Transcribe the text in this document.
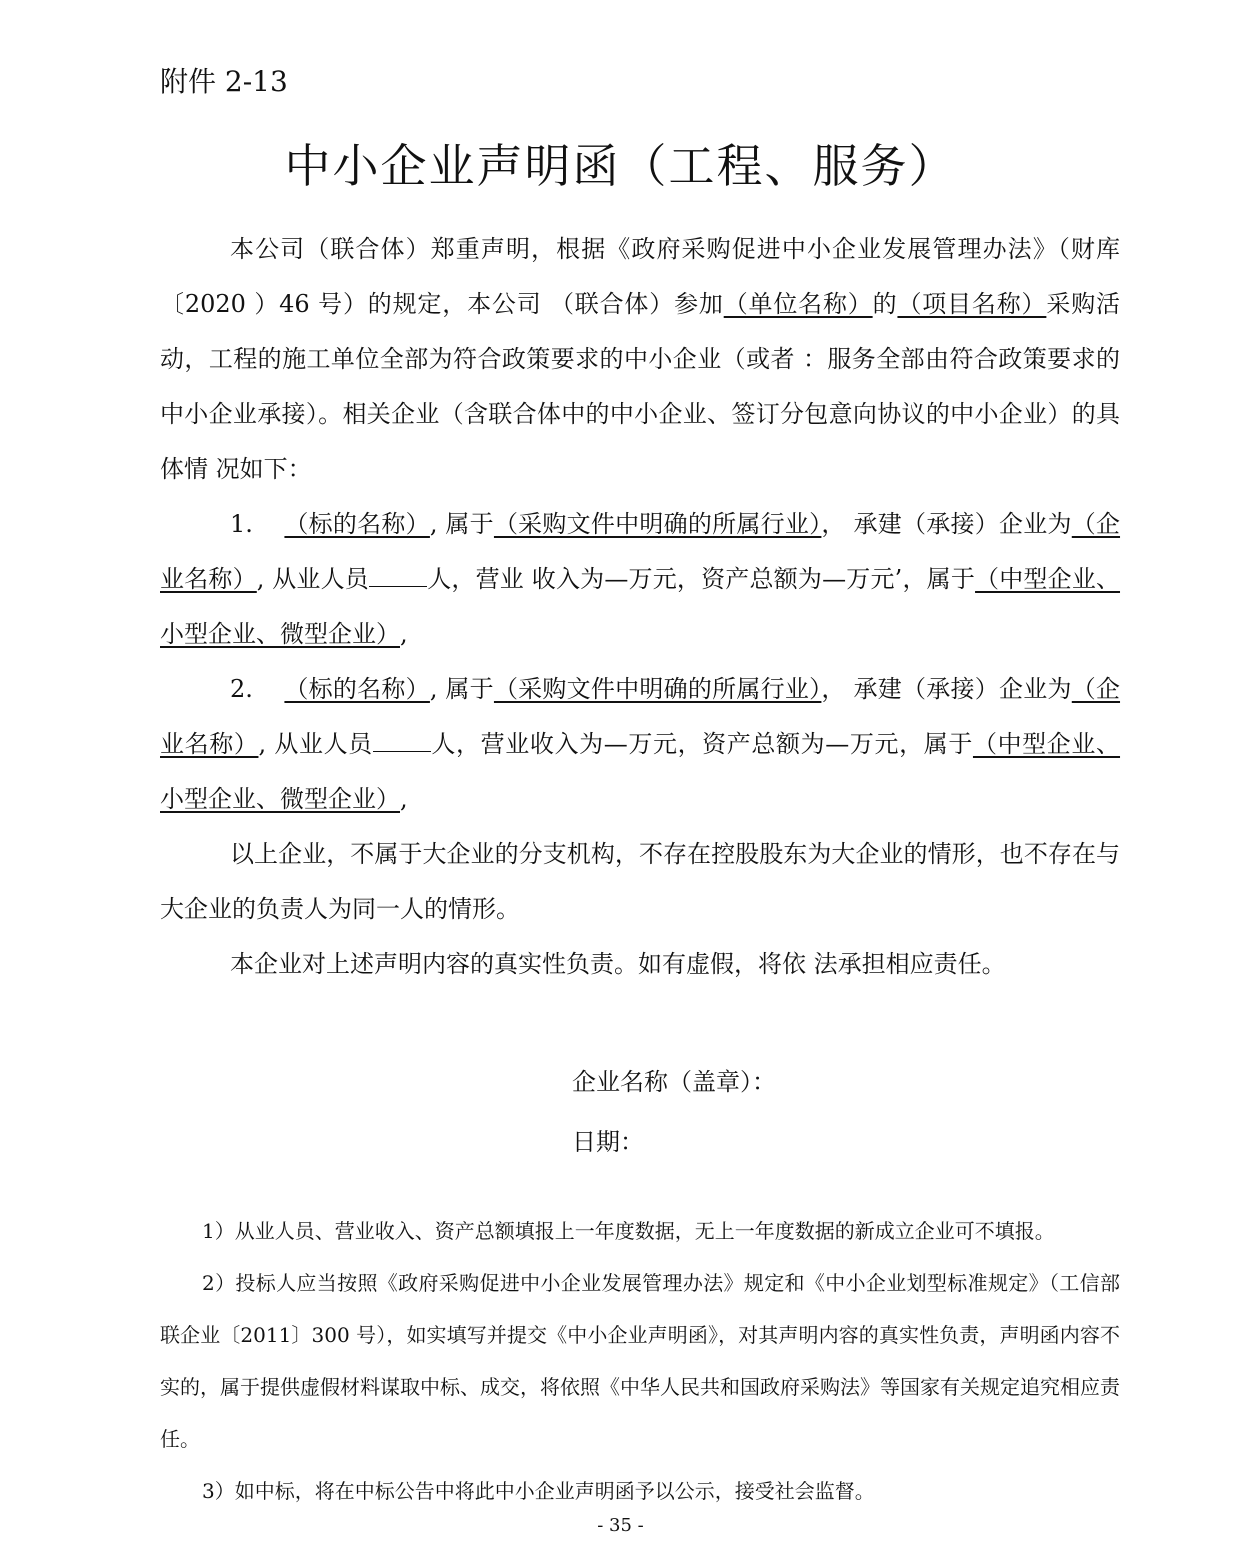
附件 2-13
中小企业声明函（工程、服务）

本公司（联合体）郑重声明，根据《政府采购促进中小企业发展管理办法》（财库〔2020 ）46 号）的规定，本公司 （联合体）参加（单位名称）的（项目名称）采购活动，工程的施工单位全部为符合政策要求的中小企业（或者 ：服务全部由符合政策要求的中小企业承接）。相关企业（含联合体中的中小企业、签订分包意向协议的中小企业）的具体情 况如下：

1. （标的名称）, 属于（采购文件中明确的所属行业）， 承建（承接）企业为（企业名称）, 从业人员 人，营业 收入为—万元，资产总额为—万元’，属于（中型企业、 小型企业、微型企业）,

2. （标的名称）, 属于（采购文件中明确的所属行业）， 承建（承接）企业为（企业名称）, 从业人员 人，营业收入为—万元，资产总额为—万元，属于（中型企业、小型企业、微型企业）,

以上企业，不属于大企业的分支机构，不存在控股股东为大企业的情形，也不存在与大企业的负责人为同一人的情形。

本企业对上述声明内容的真实性负责。如有虚假，将依 法承担相应责任。

企业名称（盖章）：
日期：

1）从业人员、营业收入、资产总额填报上一年度数据，无上一年度数据的新成立企业可不填报。

2）投标人应当按照《政府采购促进中小企业发展管理办法》规定和《中小企业划型标准规定》（工信部联企业〔2011〕300 号），如实填写并提交《中小企业声明函》，对其声明内容的真实性负责，声明函内容不实的，属于提供虚假材料谋取中标、成交，将依照《中华人民共和国政府采购法》等国家有关规定追究相应责任。

3）如中标，将在中标公告中将此中小企业声明函予以公示，接受社会监督。

- 35 -
